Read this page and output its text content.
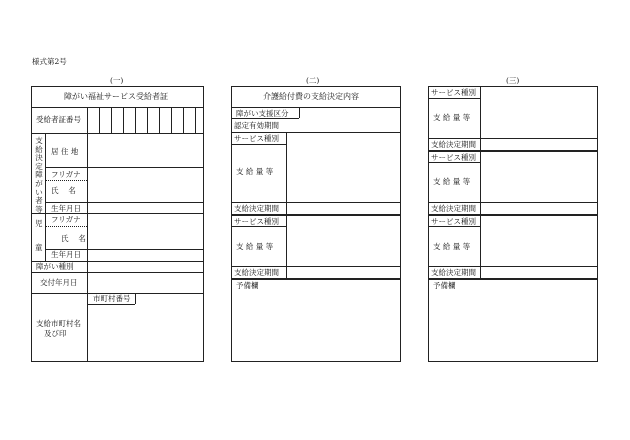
様式第2号
(一)	(二)	(三)
障がい福祉サービス受給者証
受給者証番号
支給決定障がい者等
居 住 地
フリガナ
氏　 名
生年月日
児
童
フリガナ
氏　 名
生年月日
障がい種別
交付年月日
市町村番号
支給市町村名
及び印
介護給付費の支給決定内容
障がい支援区分
認定有効期間
サービス種別
支 給 量 等
支給決定期間
サービス種別
支 給 量 等
支給決定期間
予備欄
サービス種別
支 給 量 等
支給決定期間
サービス種別
支 給 量 等
支給決定期間
サービス種別
支 給 量 等
支給決定期間
予備欄
